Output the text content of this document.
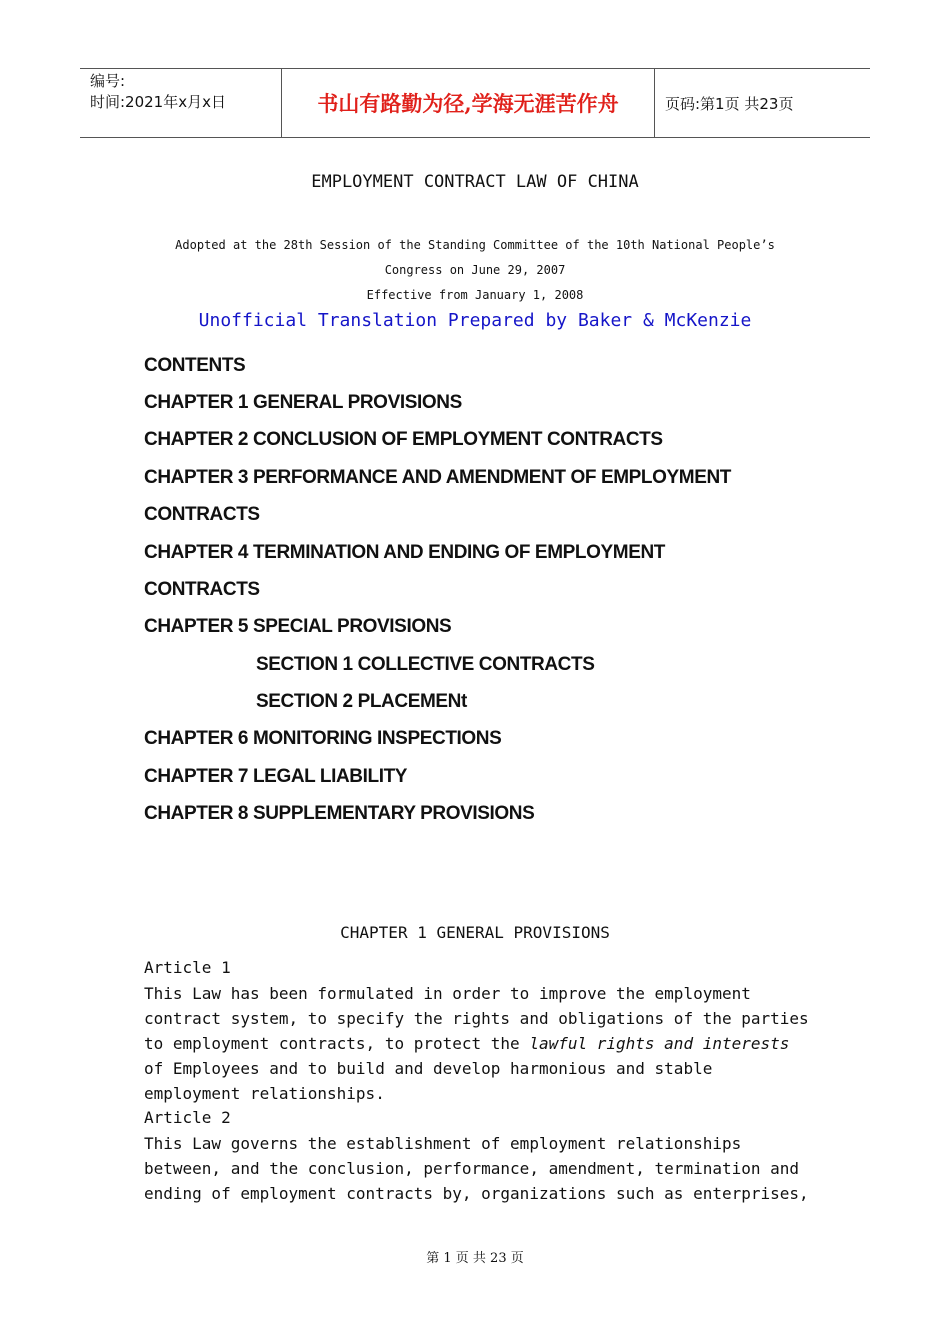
编号:
时间:2021年x月x日	书山有路勤为径,学海无涯苦作舟	页码:第1页 共23页
EMPLOYMENT CONTRACT LAW OF CHINA
Adopted at the 28th Session of the Standing Committee of the 10th National People’s
Congress on June 29, 2007
Effective from January 1, 2008
Unofficial Translation Prepared by Baker & McKenzie
CONTENTS
CHAPTER 1 GENERAL PROVISIONS
CHAPTER 2 CONCLUSION OF EMPLOYMENT CONTRACTS
CHAPTER 3 PERFORMANCE AND AMENDMENT OF EMPLOYMENT
CONTRACTS
CHAPTER 4 TERMINATION AND ENDING OF EMPLOYMENT
CONTRACTS
CHAPTER 5 SPECIAL PROVISIONS
SECTION 1 COLLECTIVE CONTRACTS
SECTION 2 PLACEMENt
CHAPTER 6 MONITORING INSPECTIONS
CHAPTER 7 LEGAL LIABILITY
CHAPTER 8 SUPPLEMENTARY PROVISIONS
CHAPTER 1 GENERAL PROVISIONS
Article 1
This Law has been formulated in order to improve the employment
contract system, to specify the rights and obligations of the parties
to employment contracts, to protect the lawful rights and interests
of Employees and to build and develop harmonious and stable
employment relationships.
Article 2
This Law governs the establishment of employment relationships
between, and the conclusion, performance, amendment, termination and
ending of employment contracts by, organizations such as enterprises,
第 1 页 共 23 页
